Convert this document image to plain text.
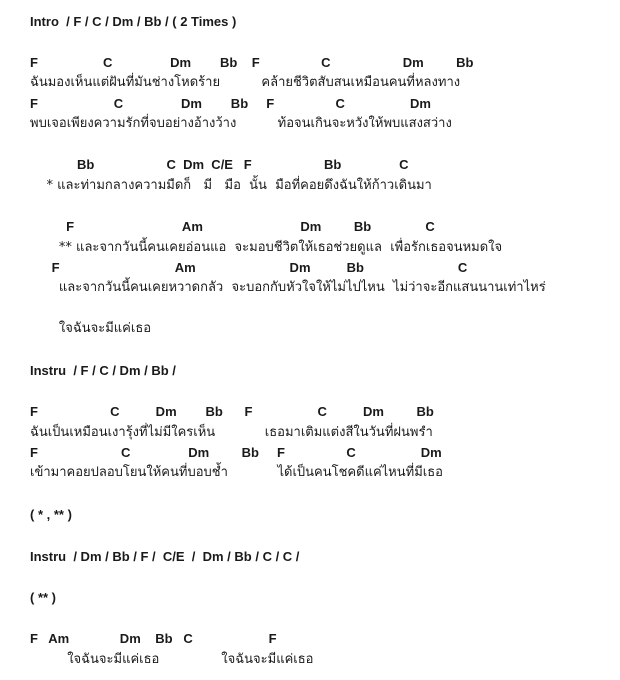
Intro  / F / C / Dm / Bb / ( 2 Times )
F                  C                Dm        Bb    F                 C                    Dm         Bb
ฉันมองเห็นแต่ฝันที่มันช่างโหดร้าย          คล้ายชีวิตสับสนเหมือนคนที่หลงทาง
F                     C                Dm        Bb     F                 C                  Dm
พบเจอเพียงความรักที่จบอย่างอ้างว้าง          ท้อจนเกินจะหวังให้พบแสงสว่าง
Bb                    C  Dm  C/E   F                    Bb                C
* และท่ามกลางความมืดก็   มี   มือ  นั้น  มือที่คอยดึงฉันให้ก้าวเดินมา
F                              Am                           Dm         Bb               C
** และจากวันนี้คนเคยอ่อนแอ  จะมอบชีวิตให้เธอช่วยดูแล  เพื่อรักเธอจนหมดใจ
F                                Am                          Dm          Bb                          C
และจากวันนี้คนเคยหวาดกลัว  จะบอกกับหัวใจให้ไม่ไปไหน  ไม่ว่าจะอีกแสนนานเท่าไหร่
ใจฉันจะมีแค่เธอ
Instru  / F / C / Dm / Bb /
F                    C          Dm        Bb      F                  C          Dm         Bb
ฉันเป็นเหมือนเงารุ้งที่ไม่มีใครเห็น            เธอมาเติมแต่งสีในวันที่ฝนพรำ
F                       C                Dm         Bb     F                 C                  Dm
เข้ามาคอยปลอบโยนให้คนที่บอบช้ำ            ได้เป็นคนโชคดีแค่ไหนที่มีเธอ
( * , ** )
Instru  / Dm / Bb / F /  C/E  /  Dm / Bb / C / C /
( ** )
F   Am              Dm    Bb   C                     F
ใจฉันจะมีแค่เธอ               ใจฉันจะมีแค่เธอ
